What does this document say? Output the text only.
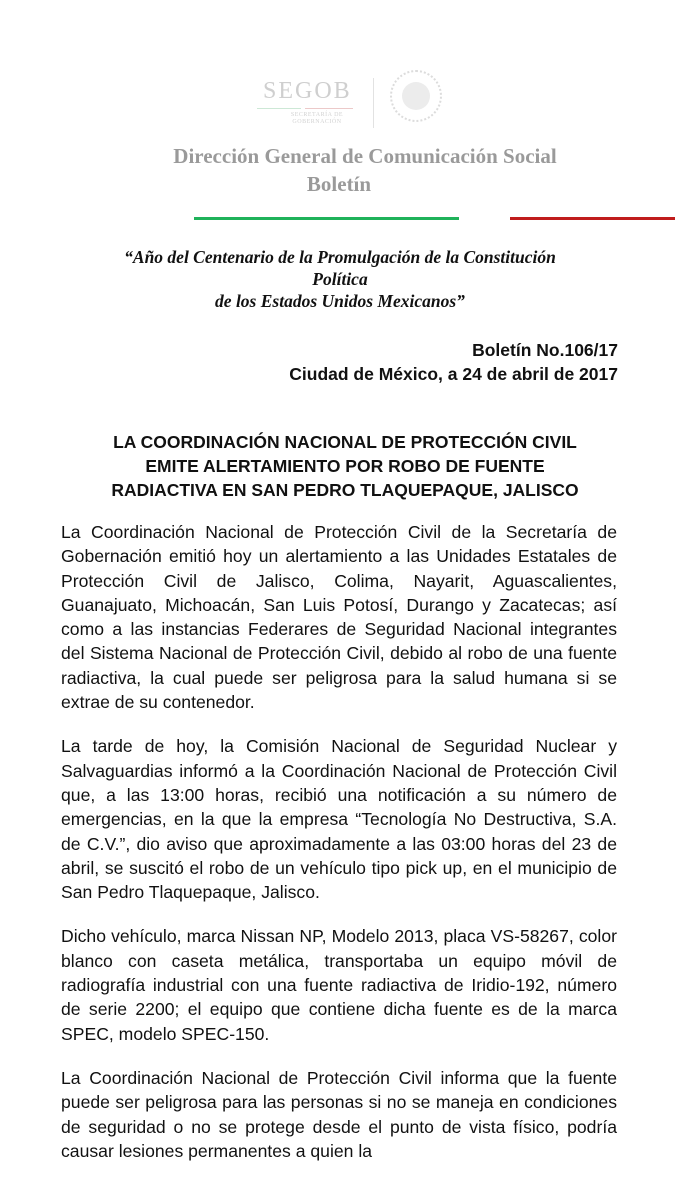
SEGOB
SECRETARÍA DE
GOBERNACIÓN
Dirección General de Comunicación Social
Boletín
“Año del Centenario de la Promulgación de la Constitución
Política
de los Estados Unidos Mexicanos”
Boletín No.106/17
Ciudad de México, a 24 de abril de 2017
LA COORDINACIÓN NACIONAL DE PROTECCIÓN CIVIL
EMITE ALERTAMIENTO POR ROBO DE FUENTE
RADIACTIVA EN SAN PEDRO TLAQUEPAQUE, JALISCO

La Coordinación Nacional de Protección Civil de la Secretaría de Gobernación emitió hoy un alertamiento a las Unidades Estatales de Protección Civil de Jalisco, Colima, Nayarit, Aguascalientes, Guanajuato, Michoacán, San Luis Potosí, Durango y Zacatecas; así como a las instancias Federares de Seguridad Nacional integrantes del Sistema Nacional de Protección Civil, debido al robo de una fuente radiactiva, la cual puede ser peligrosa para la salud humana si se extrae de su contenedor.

La tarde de hoy, la Comisión Nacional de Seguridad Nuclear y Salvaguardias informó a la Coordinación Nacional de Protección Civil que, a las 13:00 horas, recibió una notificación a su número de emergencias, en la que la empresa “Tecnología No Destructiva, S.A. de C.V.”, dio aviso que aproximadamente a las 03:00 horas del 23 de abril, se suscitó el robo de un vehículo tipo pick up, en el municipio de San Pedro Tlaquepaque, Jalisco.

Dicho vehículo, marca Nissan NP, Modelo 2013, placa VS-58267, color blanco con caseta metálica, transportaba un equipo móvil de radiografía industrial con una fuente radiactiva de Iridio-192, número de serie 2200; el equipo que contiene dicha fuente es de la marca SPEC, modelo SPEC-150.

La Coordinación Nacional de Protección Civil informa que la fuente puede ser peligrosa para las personas si no se maneja en condiciones de seguridad o no se protege desde el punto de vista físico, podría causar lesiones permanentes a quien la
